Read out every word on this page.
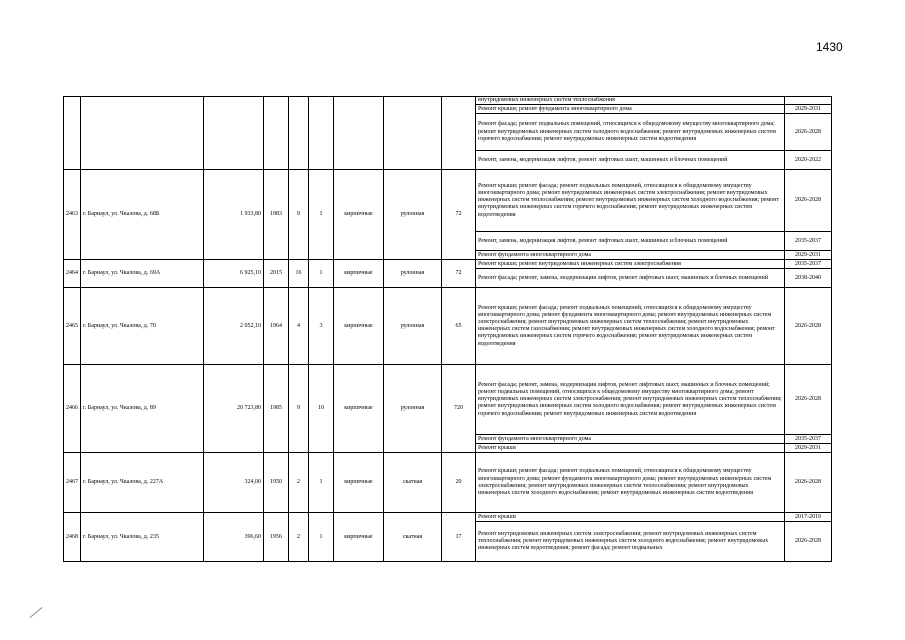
1430
									внутридомовых инженерных систем теплоснабжения	
									Ремонт крыши; ремонт фундамента многоквартирного дома	2029-2031
									Ремонт фасада; ремонт подвальных помещений, относящихся к общедомовому имуществу многоквартирного дома; ремонт внутридомовых инженерных систем холодного водоснабжения; ремонт внутридомовых инженерных систем горячего водоснабжения; ремонт внутридомовых инженерных систем водоотведения	2026-2028
									Ремонт, замена, модернизация лифтов, ремонт лифтовых шахт, машинных и блочных помещений	2020-2022
2463	г. Барнаул, ул. Чкалова, д. 68Б	1 933,80	1983	9	1	кирпичные	рулонная	72	Ремонт крыши; ремонт фасада; ремонт подвальных помещений, относящихся к общедомовому имуществу многоквартирного дома; ремонт внутридомовых инженерных систем электроснабжения; ремонт внутридомовых инженерных систем теплоснабжения; ремонт внутридомовых инженерных систем холодного водоснабжения; ремонт внутридомовых инженерных систем горячего водоснабжения; ремонт внутридомовых инженерных систем водоотведения	2026-2028
									Ремонт, замена, модернизация лифтов, ремонт лифтовых шахт, машинных и блочных помещений	2035-2037
									Ремонт фундамента многоквартирного дома	2029-2031
2464	г. Барнаул, ул. Чкалова, д. 69А	6 925,10	2015	16	1	кирпичные	рулонная	72	Ремонт крыши; ремонт внутридомовых инженерных систем электроснабжения	2035-2037
									Ремонт фасада; ремонт, замена, модернизация лифтов, ремонт лифтовых шахт, машинных и блочных помещений	2038-2040
2465	г. Барнаул, ул. Чкалова, д. 70	2 052,10	1964	4	3	кирпичные	рулонная	65	Ремонт крыши; ремонт фасада; ремонт подвальных помещений, относящихся к общедомовому имуществу многоквартирного дома; ремонт фундамента многоквартирного дома; ремонт внутридомовых инженерных систем электроснабжения; ремонт внутридомовых инженерных систем теплоснабжения; ремонт внутридомовых инженерных систем газоснабжения; ремонт внутридомовых инженерных систем холодного водоснабжения; ремонт внутридомовых инженерных систем горячего водоснабжения; ремонт внутридомовых инженерных систем водоотведения	2026-2028
2466	г. Барнаул, ул. Чкалова, д. 89	20 723,80	1985	9	10	кирпичные	рулонная	720	Ремонт фасада; ремонт, замена, модернизация лифтов, ремонт лифтовых шахт, машинных и блочных помещений; ремонт подвальных помещений, относящихся к общедомовому имуществу многоквартирного дома; ремонт внутридомовых инженерных систем электроснабжения; ремонт внутридомовых инженерных систем теплоснабжения; ремонт внутридомовых инженерных систем холодного водоснабжения; ремонт внутридомовых инженерных систем горячего водоснабжения; ремонт внутридомовых инженерных систем водоотведения	2026-2028
									Ремонт фундамента многоквартирного дома	2035-2037
									Ремонт крыши	2029-2031
2467	г. Барнаул, ул. Чкалова, д. 227А	324,00	1950	2	1	кирпичные	скатная	20	Ремонт крыши; ремонт фасада; ремонт подвальных помещений, относящихся к общедомовому имуществу многоквартирного дома; ремонт фундамента многоквартирного дома; ремонт внутридомовых инженерных систем электроснабжения; ремонт внутридомовых инженерных систем теплоснабжения; ремонт внутридомовых инженерных систем холодного водоснабжения; ремонт внутридомовых инженерных систем водоотведения	2026-2028
2468	г. Барнаул, ул. Чкалова, д. 235	396,60	1956	2	1	кирпичные	скатная	17	Ремонт крыши	2017-2019
									Ремонт внутридомовых инженерных систем электроснабжения; ремонт внутридомовых инженерных систем теплоснабжения; ремонт внутридомовых инженерных систем холодного водоснабжения; ремонт внутридомовых инженерных систем водоотведения; ремонт фасада; ремонт подвальных	2026-2028
